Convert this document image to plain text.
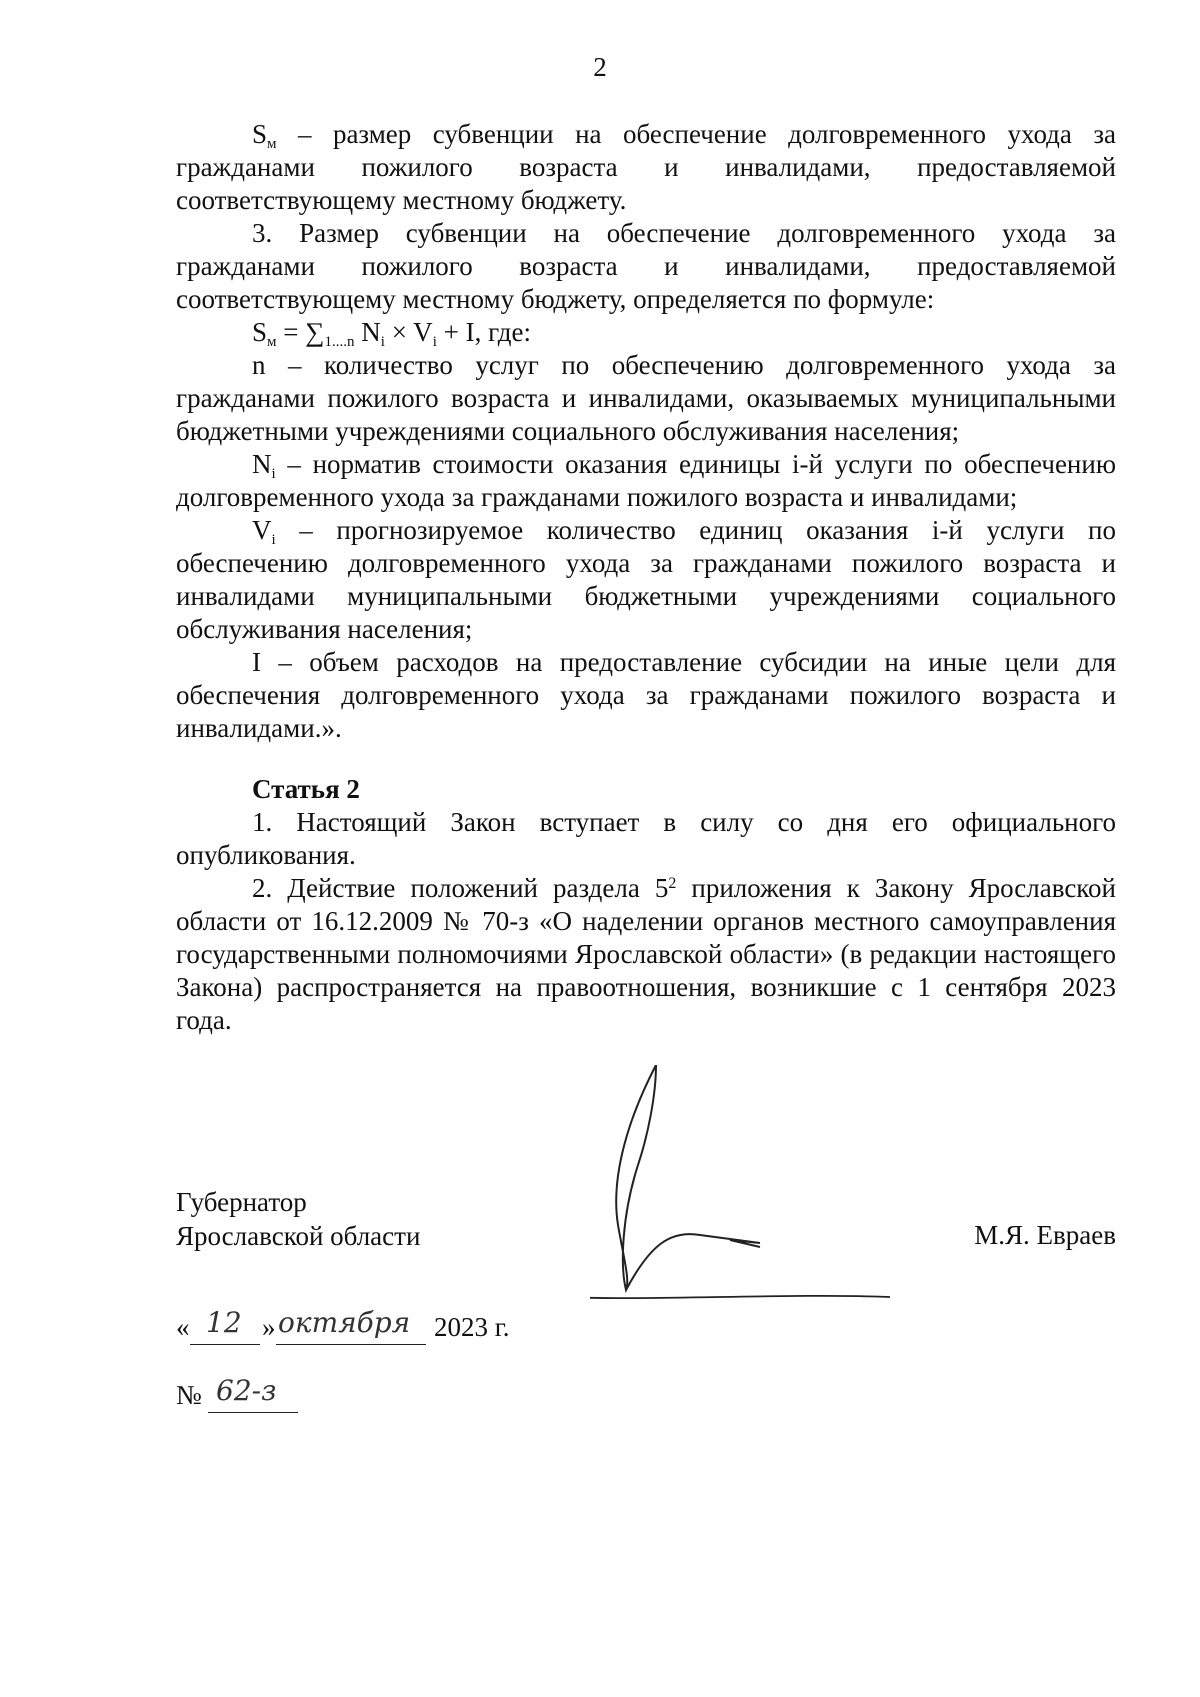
2

$S_м$ – размер субвенции на обеспечение долговременного ухода за гражданами пожилого возраста и инвалидами, предоставляемой соответствующему местному бюджету.

3. Размер субвенции на обеспечение долговременного ухода за гражданами пожилого возраста и инвалидами, предоставляемой соответствующему местному бюджету, определяется по формуле:

$S_м = \sum_{1....n}$ $N_i \times V_i + I$, где:

n – количество услуг по обеспечению долговременного ухода за гражданами пожилого возраста и инвалидами, оказываемых муниципальными бюджетными учреждениями социального обслуживания населения;

$N_i$ – норматив стоимости оказания единицы i-й услуги по обеспечению долговременного ухода за гражданами пожилого возраста и инвалидами;

$V_i$ – прогнозируемое количество единиц оказания i-й услуги по обеспечению долговременного ухода за гражданами пожилого возраста и инвалидами муниципальными бюджетными учреждениями социального обслуживания населения;

I – объем расходов на предоставление субсидии на иные цели для обеспечения долговременного ухода за гражданами пожилого возраста и инвалидами.».

Статья 2

1. Настоящий Закон вступает в силу со дня его официального опубликования.

2. Действие положений раздела $5^2$ приложения к Закону Ярославской области от 16.12.2009 № 70-з «О наделении органов местного самоуправления государственными полномочиями Ярославской области» (в редакции настоящего Закона) распространяется на правоотношения, возникшие с 1 сентября 2023 года.

Губернатор
Ярославской области	М.Я. Евраев
« 12 » октября 2023 г.
№ 62-з
